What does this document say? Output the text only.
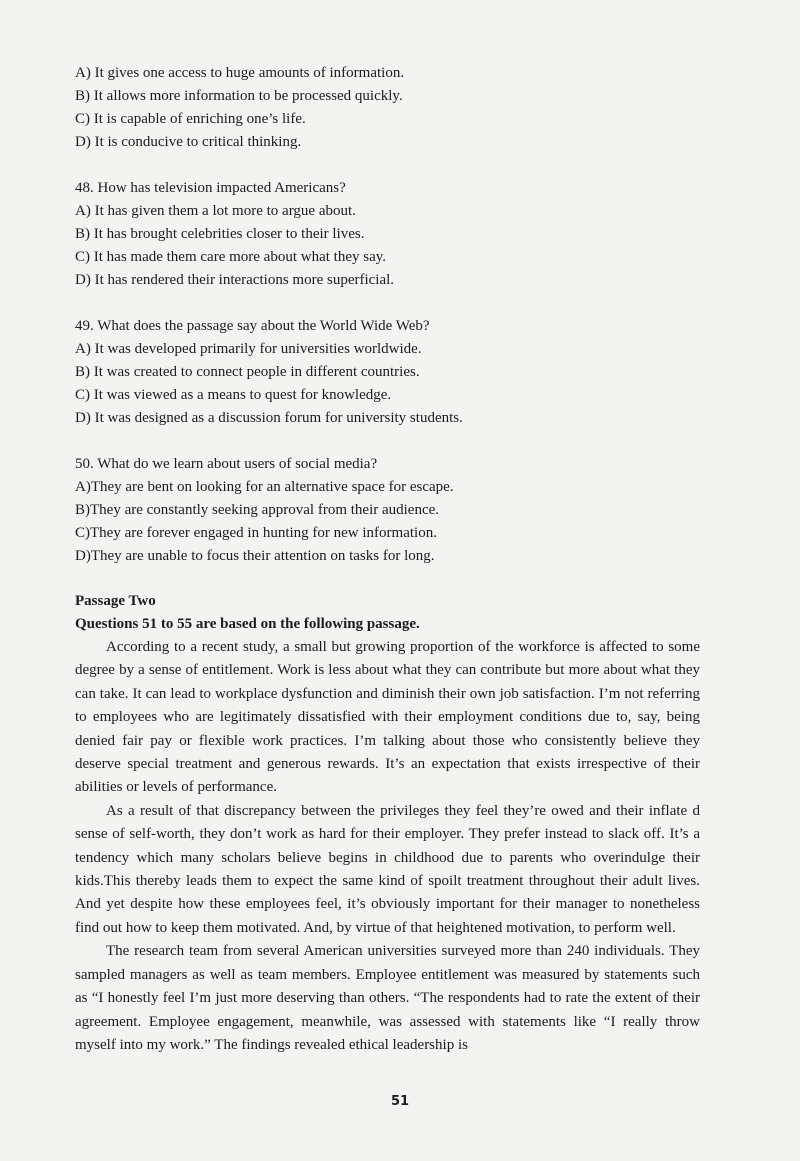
A) It gives one access to huge amounts of information.
B) It allows more information to be processed quickly.
C) It is capable of enriching one’s life.
D) It is conducive to critical thinking.
48. How has television impacted Americans?
A) It has given them a lot more to argue about.
B) It has brought celebrities closer to their lives.
C) It has made them care more about what they say.
D) It has rendered their interactions more superficial.
49. What does the passage say about the World Wide Web?
A) It was developed primarily for universities worldwide.
B) It was created to connect people in different countries.
C) It was viewed as a means to quest for knowledge.
D) It was designed as a discussion forum for university students.
50. What do we learn about users of social media?
A)They are bent on looking for an alternative space for escape.
B)They are constantly seeking approval from their audience.
C)They are forever engaged in hunting for new information.
D)They are unable to focus their attention on tasks for long.
Passage Two
Questions 51 to 55 are based on the following passage.

According to a recent study, a small but growing proportion of the workforce is affected to some degree by a sense of entitlement. Work is less about what they can contribute but more about what they can take. It can lead to workplace dysfunction and diminish their own job satisfaction. I’m not referring to employees who are legitimately dissatisfied with their employment conditions due to, say, being denied fair pay or flexible work practices. I’m talking about those who consistently believe they deserve special treatment and generous rewards. It’s an expectation that exists irrespective of their abilities or levels of performance.

As a result of that discrepancy between the privileges they feel they’re owed and their inflate d sense of self-worth, they don’t work as hard for their employer. They prefer instead to slack off. It’s a tendency which many scholars believe begins in childhood due to parents who overindulge their kids.This thereby leads them to expect the same kind of spoilt treatment throughout their adult lives. And yet despite how these employees feel, it’s obviously important for their manager to nonetheless find out how to keep them motivated. And, by virtue of that heightened motivation, to perform well.

The research team from several American universities surveyed more than 240 individuals. They sampled managers as well as team members. Employee entitlement was measured by statements such as “I honestly feel I’m just more deserving than others. “The respondents had to rate the extent of their agreement. Employee engagement, meanwhile, was assessed with statements like “I really throw myself into my work.” The findings revealed ethical leadership is

51
